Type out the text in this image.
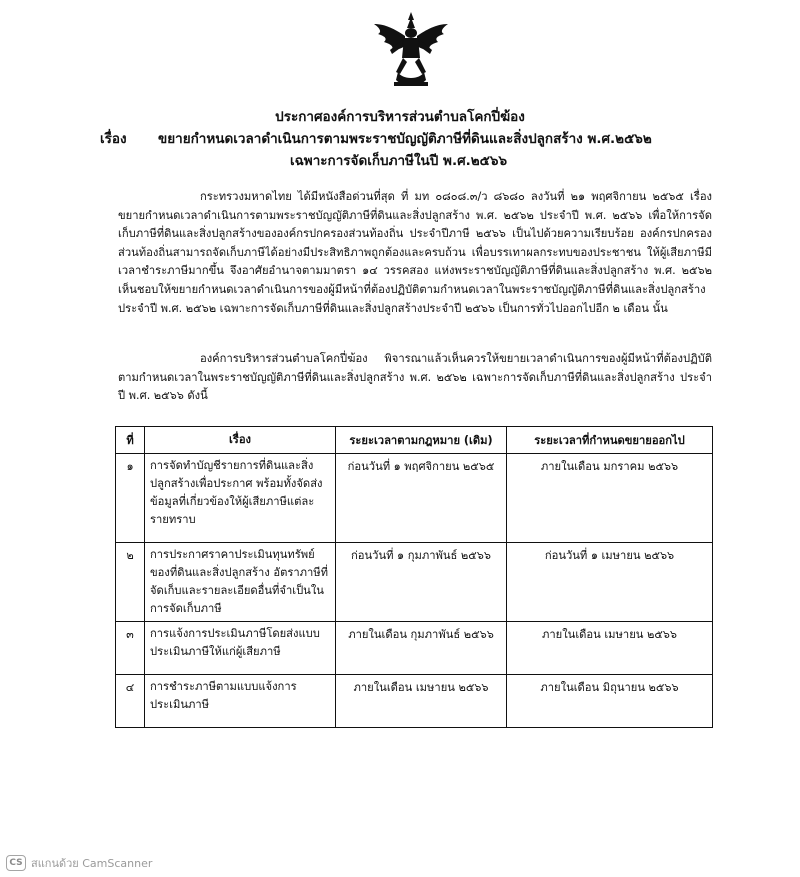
ประกาศองค์การบริหารส่วนตำบลโคกปี่ฆ้อง
เรื่อง ขยายกำหนดเวลาดำเนินการตามพระราชบัญญัติภาษีที่ดินและสิ่งปลูกสร้าง พ.ศ.๒๕๖๒
เฉพาะการจัดเก็บภาษีในปี พ.ศ.๒๕๖๖

กระทรวงมหาดไทย ได้มีหนังสือด่วนที่สุด ที่ มท ๐๘๐๘.๓/ว ๘๖๘๐ ลงวันที่ ๒๑ พฤศจิกายน ๒๕๖๕ เรื่อง ขยายกำหนดเวลาดำเนินการตามพระราชบัญญัติภาษีที่ดินและสิ่งปลูกสร้าง พ.ศ. ๒๕๖๒ ประจำปี พ.ศ. ๒๕๖๖ เพื่อให้การจัดเก็บภาษีที่ดินและสิ่งปลูกสร้างขององค์กรปกครองส่วนท้องถิ่น ประจำปีภาษี ๒๕๖๖ เป็นไปด้วยความเรียบร้อย องค์กรปกครองส่วนท้องถิ่นสามารถจัดเก็บภาษีได้อย่างมีประสิทธิภาพถูกต้องและครบถ้วน เพื่อบรรเทาผลกระทบของประชาชน ให้ผู้เสียภาษีมีเวลาชำระภาษีมากขึ้น จึงอาศัยอำนาจตามมาตรา ๑๔ วรรคสอง แห่งพระราชบัญญัติภาษีที่ดินและสิ่งปลูกสร้าง พ.ศ. ๒๕๖๒ เห็นชอบให้ขยายกำหนดเวลาดำเนินการของผู้มีหน้าที่ต้องปฏิบัติตามกำหนดเวลาในพระราชบัญญัติภาษีที่ดินและสิ่งปลูกสร้างประจำปี พ.ศ. ๒๕๖๒ เฉพาะการจัดเก็บภาษีที่ดินและสิ่งปลูกสร้างประจำปี ๒๕๖๖ เป็นการทั่วไปออกไปอีก ๒ เดือน นั้น

องค์การบริหารส่วนตำบลโคกปี่ฆ้อง พิจารณาแล้วเห็นควรให้ขยายเวลาดำเนินการของผู้มีหน้าที่ต้องปฏิบัติตามกำหนดเวลาในพระราชบัญญัติภาษีที่ดินและสิ่งปลูกสร้าง พ.ศ. ๒๕๖๒ เฉพาะการจัดเก็บภาษีที่ดินและสิ่งปลูกสร้าง ประจำปี พ.ศ. ๒๕๖๖ ดังนี้

ที่	เรื่อง	ระยะเวลาตามกฎหมาย (เดิม)	ระยะเวลาที่กำหนดขยายออกไป
๑	การจัดทำบัญชีรายการที่ดินและสิ่งปลูกสร้างเพื่อประกาศ พร้อมทั้งจัดส่งข้อมูลที่เกี่ยวข้องให้ผู้เสียภาษีแต่ละรายทราบ	ก่อนวันที่ ๑ พฤศจิกายน ๒๕๖๕	ภายในเดือน มกราคม ๒๕๖๖
๒	การประกาศราคาประเมินทุนทรัพย์ของที่ดินและสิ่งปลูกสร้าง อัตราภาษีที่จัดเก็บและรายละเอียดอื่นที่จำเป็นในการจัดเก็บภาษี	ก่อนวันที่ ๑ กุมภาพันธ์ ๒๕๖๖	ก่อนวันที่ ๑ เมษายน ๒๕๖๖
๓	การแจ้งการประเมินภาษีโดยส่งแบบประเมินภาษีให้แก่ผู้เสียภาษี	ภายในเดือน กุมภาพันธ์ ๒๕๖๖	ภายในเดือน เมษายน ๒๕๖๖
๔	การชำระภาษีตามแบบแจ้งการประเมินภาษี	ภายในเดือน เมษายน ๒๕๖๖	ภายในเดือน มิถุนายน ๒๕๖๖
CS สแกนด้วย CamScanner
